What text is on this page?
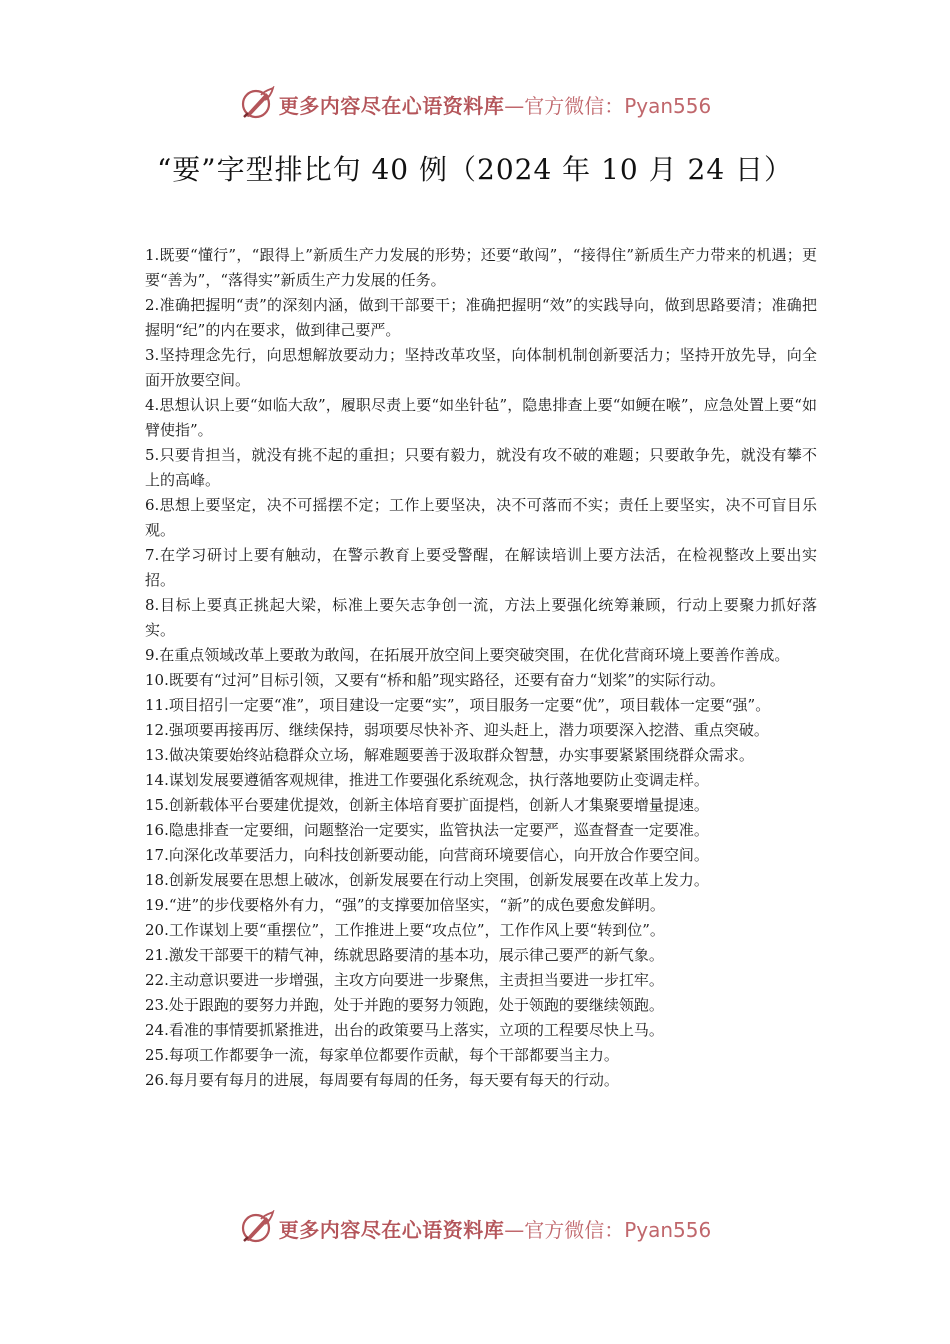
更多内容尽在心语资料库 —官方微信：Pyan556
“要”字型排比句 40 例（2024 年 10 月 24 日）
1.既要“懂行”，“跟得上”新质生产力发展的形势；还要“敢闯”，“接得住”新质生产力带来的机遇；更要“善为”，“落得实”新质生产力发展的任务。
2.准确把握明“责”的深刻内涵，做到干部要干；准确把握明“效”的实践导向，做到思路要清；准确把握明“纪”的内在要求，做到律己要严。
3.坚持理念先行，向思想解放要动力；坚持改革攻坚，向体制机制创新要活力；坚持开放先导，向全面开放要空间。
4.思想认识上要“如临大敌”，履职尽责上要“如坐针毡”，隐患排查上要“如鲠在喉”，应急处置上要“如臂使指”。
5.只要肯担当，就没有挑不起的重担；只要有毅力，就没有攻不破的难题；只要敢争先，就没有攀不上的高峰。
6.思想上要坚定，决不可摇摆不定；工作上要坚决，决不可落而不实；责任上要坚实，决不可盲目乐观。
7.在学习研讨上要有触动，在警示教育上要受警醒，在解读培训上要方法活，在检视整改上要出实招。
8.目标上要真正挑起大梁，标准上要矢志争创一流，方法上要强化统筹兼顾，行动上要聚力抓好落实。
9.在重点领域改革上要敢为敢闯，在拓展开放空间上要突破突围，在优化营商环境上要善作善成。
10.既要有“过河”目标引领，又要有“桥和船”现实路径，还要有奋力“划桨”的实际行动。
11.项目招引一定要“准”，项目建设一定要“实”，项目服务一定要“优”，项目载体一定要“强”。
12.强项要再接再厉、继续保持，弱项要尽快补齐、迎头赶上，潜力项要深入挖潜、重点突破。
13.做决策要始终站稳群众立场，解难题要善于汲取群众智慧，办实事要紧紧围绕群众需求。
14.谋划发展要遵循客观规律，推进工作要强化系统观念，执行落地要防止变调走样。
15.创新载体平台要建优提效，创新主体培育要扩面提档，创新人才集聚要增量提速。
16.隐患排查一定要细，问题整治一定要实，监管执法一定要严，巡查督查一定要准。
17.向深化改革要活力，向科技创新要动能，向营商环境要信心，向开放合作要空间。
18.创新发展要在思想上破冰，创新发展要在行动上突围，创新发展要在改革上发力。
19.“进”的步伐要格外有力，“强”的支撑要加倍坚实，“新”的成色要愈发鲜明。
20.工作谋划上要“重摆位”，工作推进上要“攻点位”，工作作风上要“转到位”。
21.激发干部要干的精气神，练就思路要清的基本功，展示律己要严的新气象。
22.主动意识要进一步增强，主攻方向要进一步聚焦，主责担当要进一步扛牢。
23.处于跟跑的要努力并跑，处于并跑的要努力领跑，处于领跑的要继续领跑。
24.看准的事情要抓紧推进，出台的政策要马上落实，立项的工程要尽快上马。
25.每项工作都要争一流，每家单位都要作贡献，每个干部都要当主力。
26.每月要有每月的进展，每周要有每周的任务，每天要有每天的行动。
更多内容尽在心语资料库 —官方微信：Pyan556
